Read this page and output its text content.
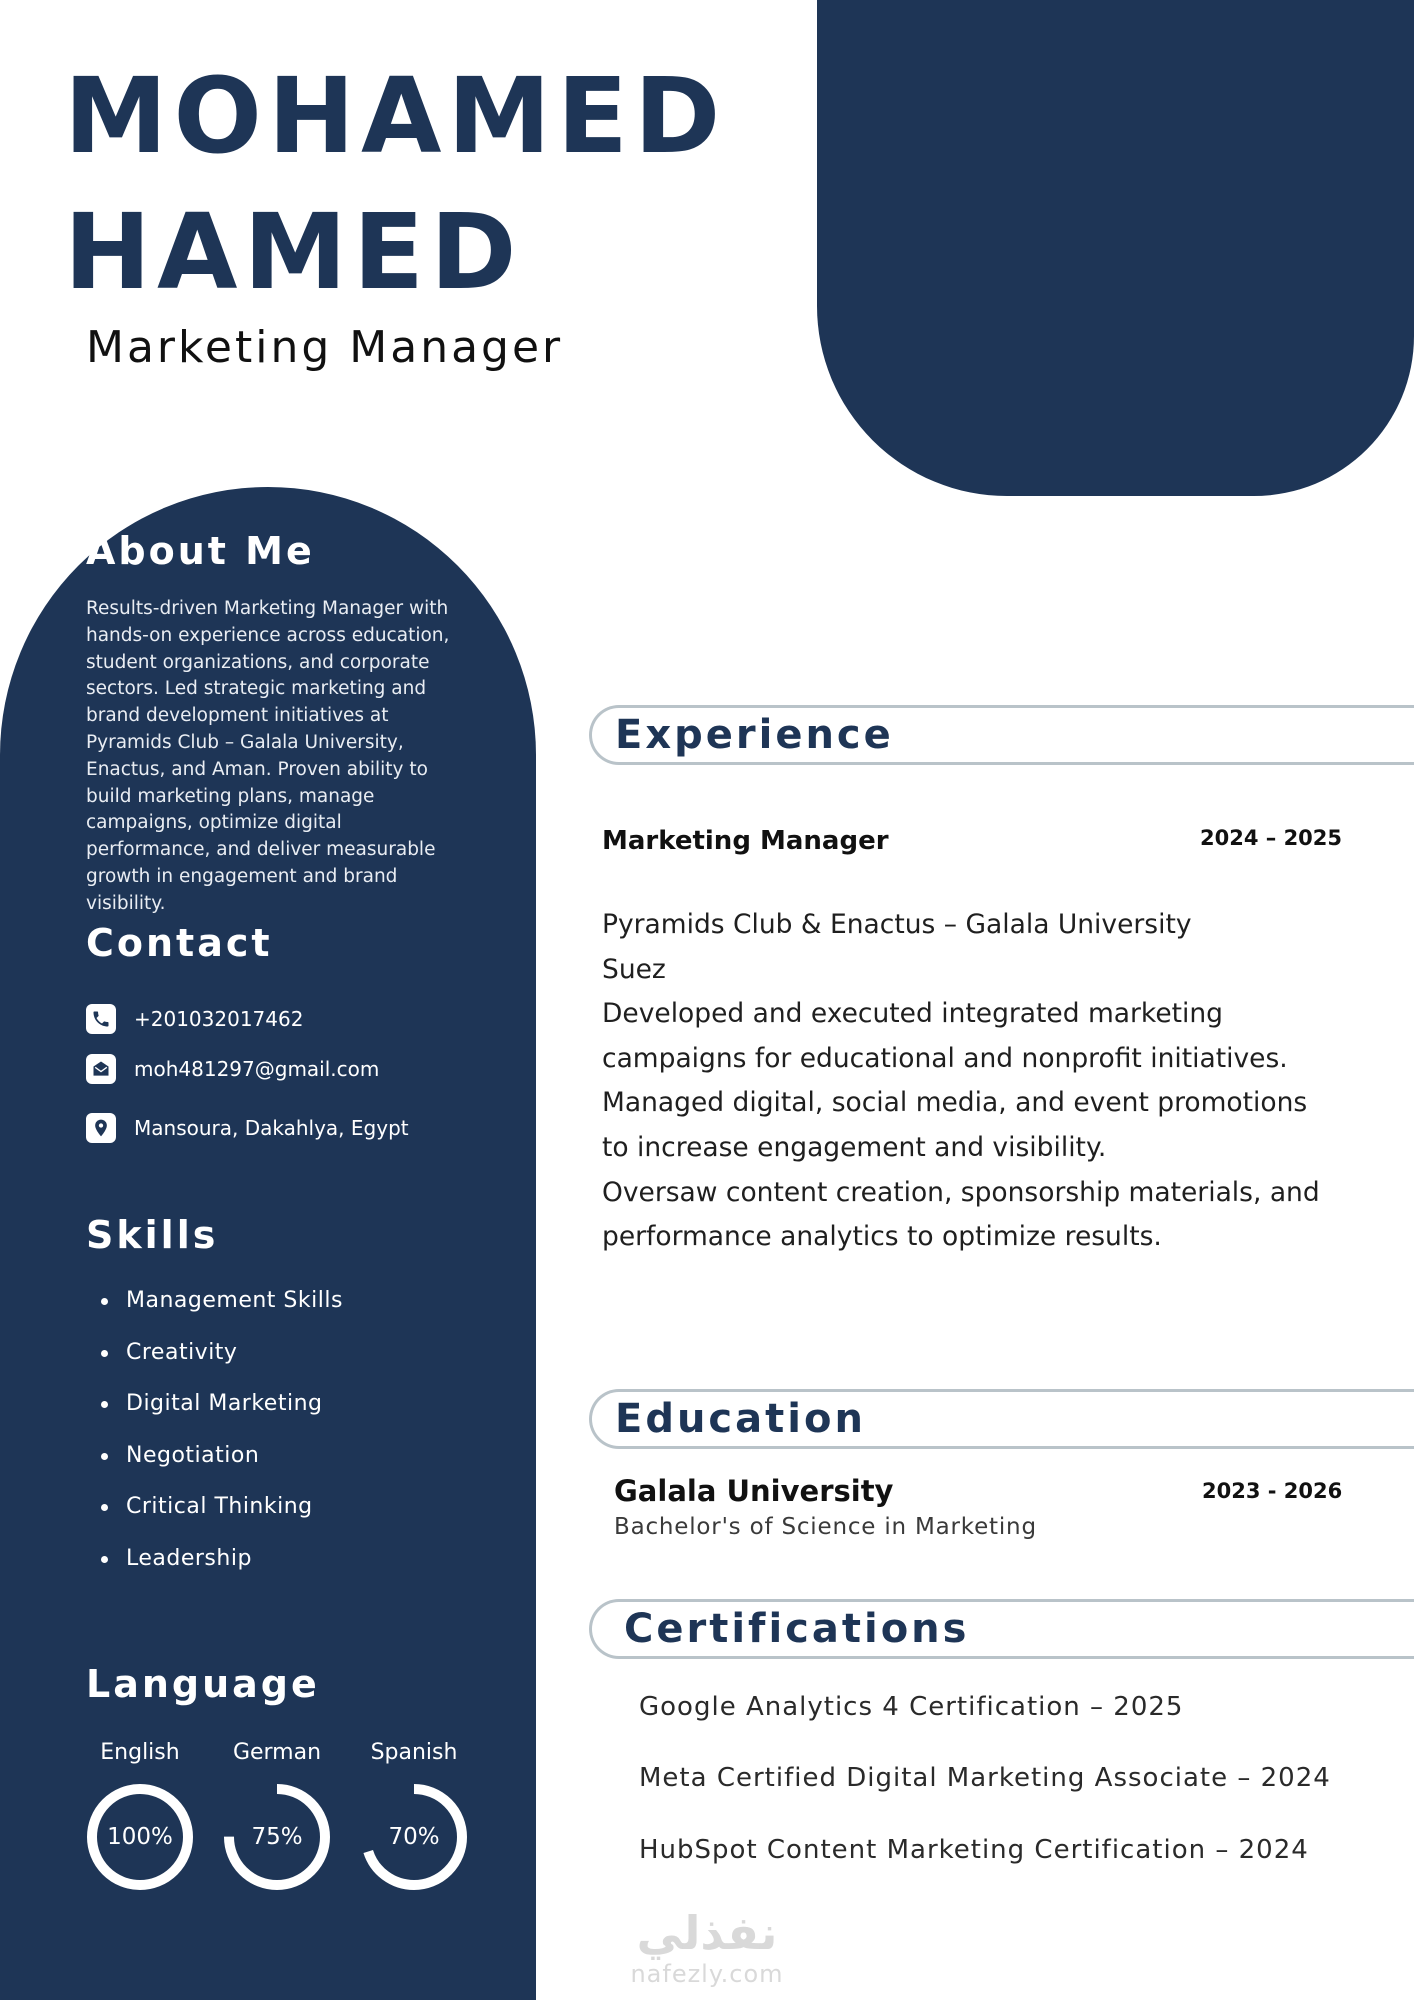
MOHAMED
HAMED
Marketing Manager
About Me
Results-driven Marketing Manager with hands-on experience across education, student organizations, and corporate sectors. Led strategic marketing and brand development initiatives at Pyramids Club – Galala University, Enactus, and Aman. Proven ability to build marketing plans, manage campaigns, optimize digital performance, and deliver measurable growth in engagement and brand visibility.
Contact
+201032017462
moh481297@gmail.com
Mansoura, Dakahlya, Egypt
Skills
Management Skills
Creativity
Digital Marketing
Negotiation
Critical Thinking
Leadership
Language
English
100%
German
75%
Spanish
70%
Experience
Marketing Manager	2024 – 2025
Pyramids Club & Enactus – Galala University
Suez
Developed and executed integrated marketing
campaigns for educational and nonprofit initiatives.
Managed digital, social media, and event promotions
to increase engagement and visibility.
Oversaw content creation, sponsorship materials, and
performance analytics to optimize results.
Education
Galala University	2023 - 2026
Bachelor's of Science in Marketing
Certifications
Google Analytics 4 Certification – 2025
Meta Certified Digital Marketing Associate – 2024
HubSpot Content Marketing Certification – 2024
نفذلي
nafezly.com
